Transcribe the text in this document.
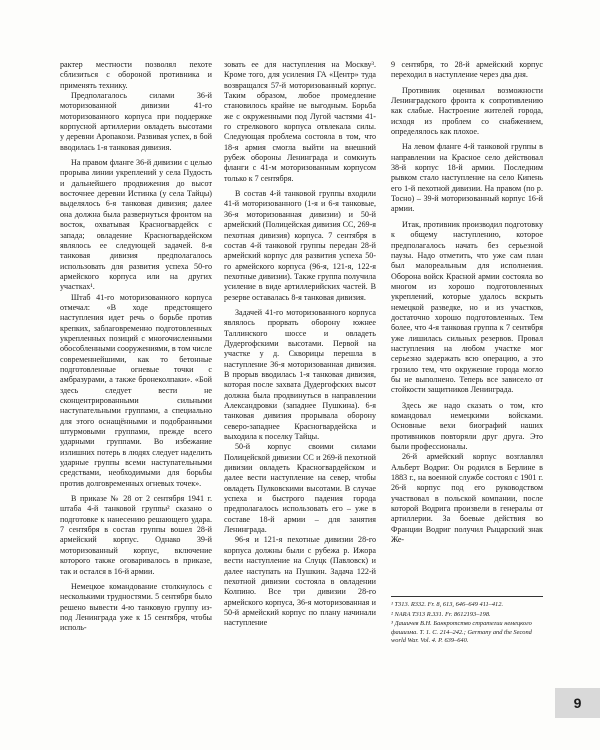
рактер местности позволял пехоте сблизиться с обороной противника и применять технику.

Предполагалось силами 36-й моторизованной дивизии 41-го моторизованного корпуса при поддержке корпусной артиллерии овладеть высотами у деревни Аропакози. Развивая успех, в бой вводилась 1-я танковая дивизия.

На правом фланге 36-й дивизии с целью прорыва линии укреплений у села Пудость и дальнейшего продвижения до высот восточнее деревни Истинка (у села Тайцы) выделялось 6-я танковая дивизия; далее она должна была развернуться фронтом на восток, охватывая Красногвардейск с запада; овладение Красногвардейском являлось ее следующей задачей. 8-я танковая дивизия предполагалось использовать для развития успеха 50-го армейского корпуса или на других участках¹.

Штаб 41-го моторизованного корпуса отмечал: «В ходе предстоящего наступления идет речь о борьбе против крепких, заблаговременно подготовленных укрепленных позиций с многочисленными обособленными сооружениями, в том числе современнейшими, как то бетонные подготовленные огневые точки с амбразурами, а также бронеколпаки». «Бой здесь следует вести не сконцентрированными сильными наступательными группами, а специально для этого оснащёнными и подобранными штурмовыми группами, прежде всего ударными группами. Во избежание излишних потерь в людях следует наделить ударные группы всеми наступательными средствами, необходимыми для борьбы против долговременных огневых точек».

В приказе № 28 от 2 сентября 1941 г. штаба 4-й танковой группы² сказано о подготовке к нанесению решающего удара. 7 сентября в состав группы вошел 28-й армейский корпус. Однако 39-й моторизованный корпус, включение которого также оговаривалось в приказе, так и остался в 16-й армии.

Немецкое командование столкнулось с несколькими трудностями. 5 сентября было решено вывести 4-ю танковую группу из-под Ленинграда уже к 15 сентября, чтобы исполь-

зовать ее для наступления на Москву³. Кроме того, для усиления ГА «Центр» туда возвращался 57-й моторизованный корпус. Таким образом, любое промедление становилось крайне не выгодным. Борьба же с окруженными под Лугой частями 41-го стрелкового корпуса отвлекала силы. Следующая проблема состояла в том, что 18-я армия смогла выйти на внешний рубеж обороны Ленинграда и сомкнуть фланги с 41-м моторизованным корпусом только к 7 сентября.

В состав 4-й танковой группы входили 41-й моторизованного (1-я и 6-я танковые, 36-я моторизованная дивизии) и 50-й армейский (Полицейская дивизия СС, 269-я пехотная дивизия) корпуса. 7 сентября в состав 4-й танковой группы передан 28-й армейский корпус для развития успеха 50-го армейского корпуса (96-я, 121-я, 122-я пехотные дивизии). Также группа получила усиление в виде артиллерийских частей. В резерве оставалась 8-я танковая дивизия.

Задачей 41-го моторизованного корпуса являлось прорвать оборону южнее Таллинского шоссе и овладеть Дудергофскими высотами. Первой на участке у д. Скворицы перешла в наступление 36-я моторизованная дивизия. В прорыв вводилась 1-я танковая дивизия, которая после захвата Дудергофских высот должна была продвинуться в направлении Александровки (западнее Пушкина). 6-я танковая дивизия прорывала оборону северо-западнее Красногвардейска и выходила к поселку Тайцы.

50-й корпус своими силами Полицейской дивизии СС и 269-й пехотной дивизии овладеть Красногвардейском и далее вести наступление на север, чтобы овладеть Пулковскими высотами. В случае успеха и быстрого падения города предполагалось использовать его – уже в составе 18-й армии – для занятия Ленинграда.

96-я и 121-я пехотные дивизии 28-го корпуса должны были с рубежа р. Ижора вести наступление на Слуцк (Павловск) и далее наступать на Пушкин. Задача 122-й пехотной дивизии состояла в овладении Колпино. Все три дивизии 28-го армейского корпуса, 36-я моторизованная и 50-й армейский корпус по плану начинали наступление

9 сентября, то 28-й армейский корпус переходил в наступление через два дня.

Противник оценивал возможности Ленинградского фронта к сопротивлению как слабые. Настроение жителей города, исходя из проблем со снабжением, определялось как плохое.

На левом фланге 4-й танковой группы в направлении на Красное село действовал 38-й корпус 18-й армии. Последним рывком стало наступление на село Кипень его 1-й пехотной дивизии. На правом (по р. Тосно) – 39-й моторизованный корпус 16-й армии.

Итак, противник производил подготовку к общему наступлению, которое предполагалось начать без серьезной паузы. Надо отметить, что уже сам план был малореальным для исполнения. Оборона войск Красной армии состояла во многом из хорошо подготовленных укреплений, которые удалось вскрыть немецкой разведке, но и из участков, достаточно хорошо подготовленных. Тем более, что 4-я танковая группа к 7 сентября уже лишилась сильных резервов. Провал наступления на любом участке мог серьезно задержать всю операцию, а это грозило тем, что окружение города могло бы не выполнено. Теперь все зависело от стойкости защитников Ленинграда.

Здесь же надо сказать о том, кто командовал немецкими войсками. Основные вехи биографий наших противников повторяли друг друга. Это были профессионалы.

26-й армейский корпус возглавлял Альберт Водриг. Он родился в Берлине в 1883 г., на военной службе состоял с 1901 г. 26-й корпус под его руководством участвовал в польской компании, после которой Водрига произвели в генералы от артиллерии. За боевые действия во Франции Водриг получил Рыцарский знак Же-

¹ T313. R332. Fr. 8, 613, 646–649 411–412.

² NARA T313 R.331. Fr. 8612193–198.

³ Дашичев В.Н. Банкротство стратегии немецкого фашизма. Т. 1. С. 214–242.; Germany and the Second world War. Vol. 4. P. 639–640.

9
